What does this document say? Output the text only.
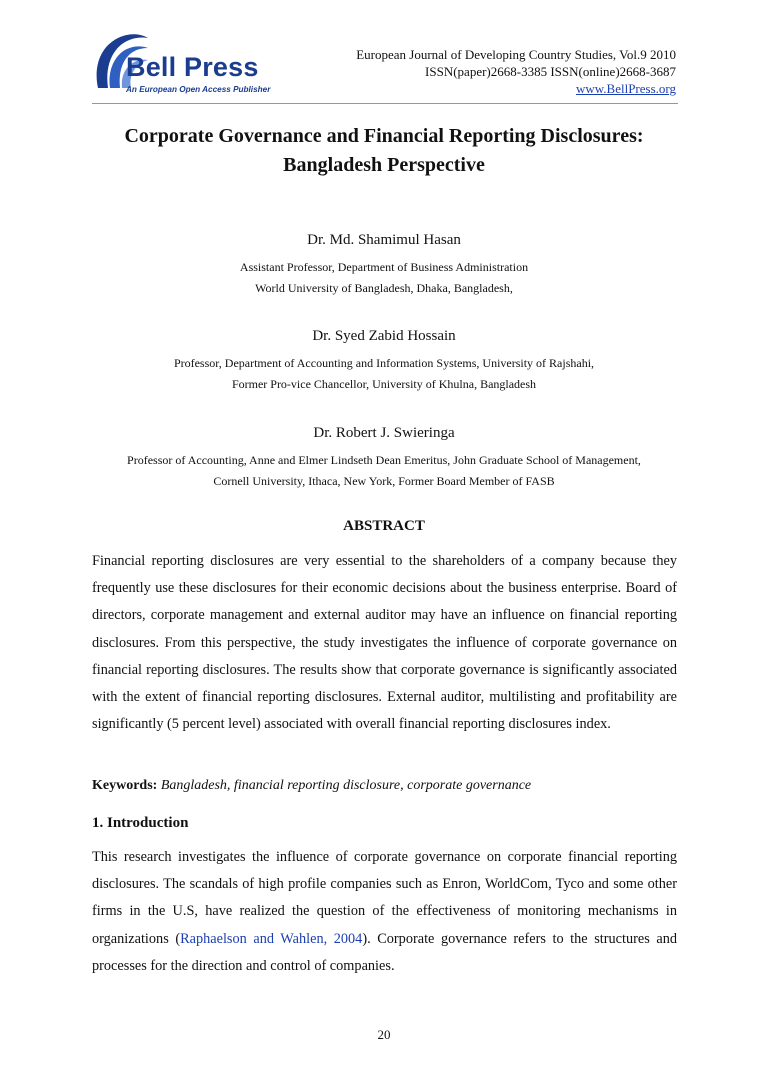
Bell Press
An European Open Access Publisher
European Journal of Developing Country Studies, Vol.9 2010
ISSN(paper)2668-3385 ISSN(online)2668-3687
www.BellPress.org
Corporate Governance and Financial Reporting Disclosures:
Bangladesh Perspective

Dr. Md. Shamimul Hasan

Assistant Professor, Department of Business Administration

World University of Bangladesh, Dhaka, Bangladesh,

Dr. Syed Zabid Hossain

Professor, Department of Accounting and Information Systems, University of Rajshahi,

Former Pro-vice Chancellor, University of Khulna, Bangladesh

Dr. Robert J. Swieringa

Professor of Accounting, Anne and Elmer Lindseth Dean Emeritus, John Graduate School of Management,

Cornell University, Ithaca, New York, Former Board Member of FASB

ABSTRACT

Financial reporting disclosures are very essential to the shareholders of a company because they frequently use these disclosures for their economic decisions about the business enterprise. Board of directors, corporate management and external auditor may have an influence on financial reporting disclosures. From this perspective, the study investigates the influence of corporate governance on financial reporting disclosures. The results show that corporate governance is significantly associated with the extent of financial reporting disclosures. External auditor, multilisting and profitability are significantly (5 percent level) associated with overall financial reporting disclosures index.

Keywords: Bangladesh, financial reporting disclosure, corporate governance

1. Introduction

This research investigates the influence of corporate governance on corporate financial reporting disclosures. The scandals of high profile companies such as Enron, WorldCom, Tyco and some other firms in the U.S, have realized the question of the effectiveness of monitoring mechanisms in organizations (Raphaelson and Wahlen, 2004). Corporate governance refers to the structures and processes for the direction and control of companies.

20
